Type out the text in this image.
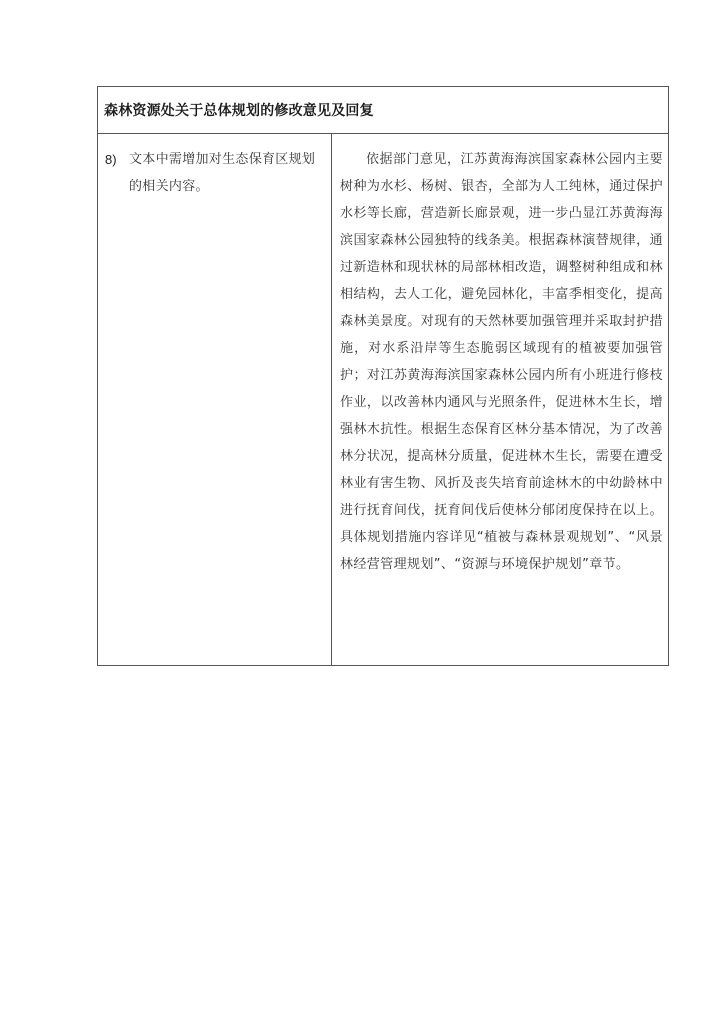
森林资源处关于总体规划的修改意见及回复
8) 文本中需增加对生态保育区规划的相关内容。

依据部门意见，江苏黄海海滨国家森林公园内主要树种为水杉、杨树、银杏，全部为人工纯林，通过保护水杉等长廊，营造新长廊景观，进一步凸显江苏黄海海滨国家森林公园独特的线条美。根据森林演替规律，通过新造林和现状林的局部林相改造，调整树种组成和林相结构，去人工化，避免园林化，丰富季相变化，提高森林美景度。对现有的天然林要加强管理并采取封护措施，对水系沿岸等生态脆弱区域现有的植被要加强管护；对江苏黄海海滨国家森林公园内所有小班进行修枝作业，以改善林内通风与光照条件，促进林木生长，增强林木抗性。根据生态保育区林分基本情况，为了改善林分状况，提高林分质量，促进林木生长，需要在遭受林业有害生物、风折及丧失培育前途林木的中幼龄林中进行抚育间伐，抚育间伐后使林分郁闭度保持在以上。具体规划措施内容详见“植被与森林景观规划”、“风景林经营管理规划”、“资源与环境保护规划”章节。
